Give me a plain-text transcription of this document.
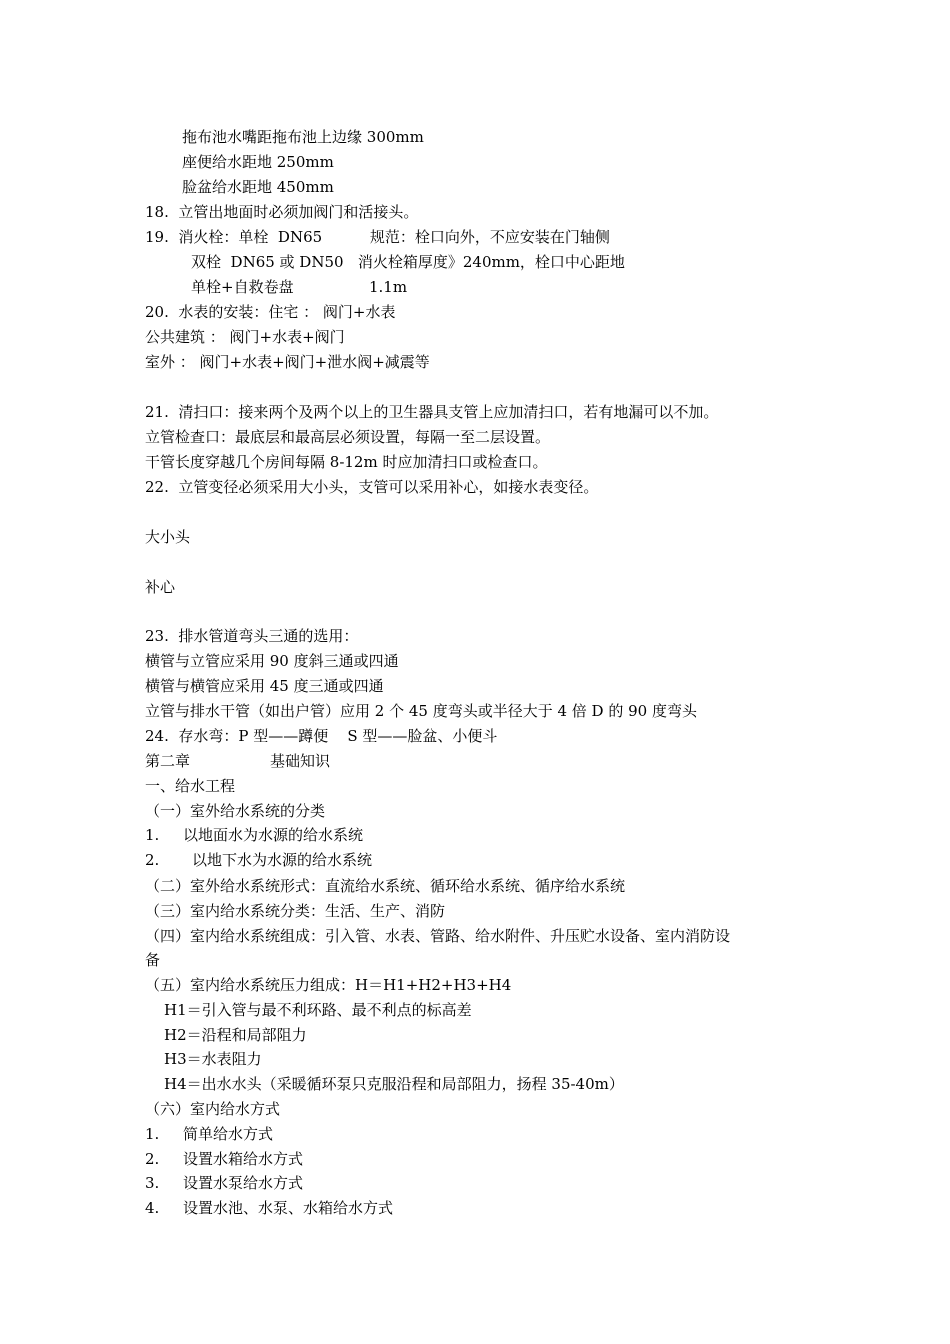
拖布池水嘴距拖布池上边缘 300mm
座便给水距地 250mm
脸盆给水距地 450mm
18.  立管出地面时必须加阀门和活接头。
19.  消火栓：单栓  DN65          规范：栓口向外，不应安装在门轴侧
双栓  DN65 或 DN50   消火栓箱厚度》240mm，栓口中心距地
单栓+自救卷盘	1.1m
20.  水表的安装：住宅 ： 阀门+水表
公共建筑 ： 阀门+水表+阀门
室外 ： 阀门+水表+阀门+泄水阀+减震等
21.  清扫口：接来两个及两个以上的卫生器具支管上应加清扫口，若有地漏可以不加。
立管检查口：最底层和最高层必须设置，每隔一至二层设置。
干管长度穿越几个房间每隔 8-12m 时应加清扫口或检查口。
22.  立管变径必须采用大小头，支管可以采用补心，如接水表变径。
大小头
补心
23.  排水管道弯头三通的选用：
横管与立管应采用 90 度斜三通或四通
横管与横管应采用 45 度三通或四通
立管与排水干管（如出户管）应用 2 个 45 度弯头或半径大于 4 倍 D 的 90 度弯头
24.  存水弯：P 型——蹲便    S 型——脸盆、小便斗
第二章	基础知识
一、给水工程
（一）室外给水系统的分类
1. 以地面水为水源的给水系统
2. 以地下水为水源的给水系统
（二）室外给水系统形式：直流给水系统、循环给水系统、循序给水系统
（三）室内给水系统分类：生活、生产、消防
（四）室内给水系统组成：引入管、水表、管路、给水附件、升压贮水设备、室内消防设
备
（五）室内给水系统压力组成：H＝H1+H2+H3+H4
H1＝引入管与最不利环路、最不利点的标高差
H2＝沿程和局部阻力
H3＝水表阻力
H4＝出水水头（采暖循环泵只克服沿程和局部阻力，扬程 35-40m）
（六）室内给水方式
1. 简单给水方式
2. 设置水箱给水方式
3. 设置水泵给水方式
4. 设置水池、水泵、水箱给水方式
